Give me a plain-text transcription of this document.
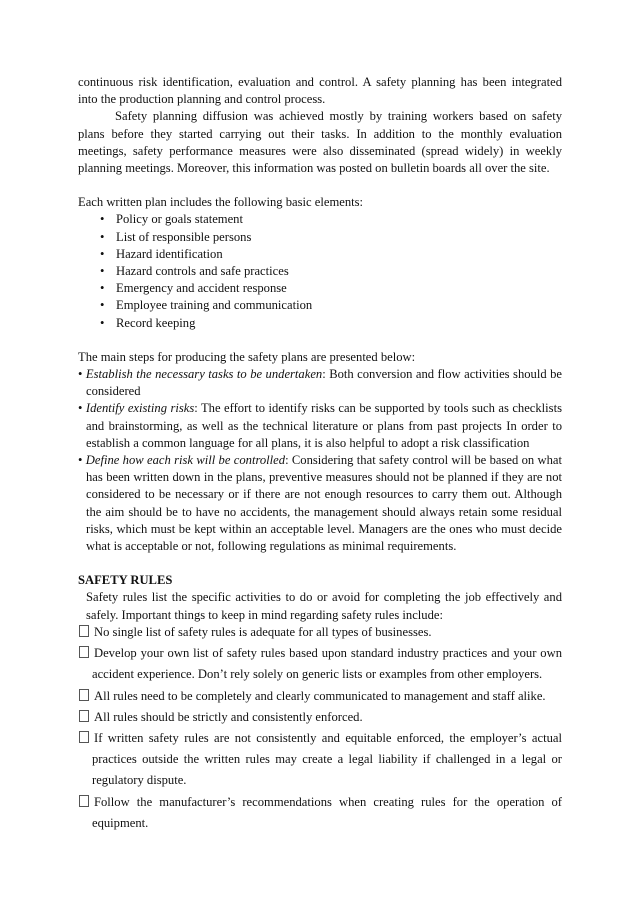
continuous risk identification, evaluation and control. A safety planning has been integrated into the production planning and control process.

Safety planning diffusion was achieved mostly by training workers based on safety plans before they started carrying out their tasks. In addition to the monthly evaluation meetings, safety performance measures were also disseminated (spread widely) in weekly planning meetings. Moreover, this information was posted on bulletin boards all over the site.

Each written plan includes the following basic elements:

• Policy or goals statement
• List of responsible persons
• Hazard identification
• Hazard controls and safe practices
• Emergency and accident response
• Employee training and communication
• Record keeping

The main steps for producing the safety plans are presented below:

• Establish the necessary tasks to be undertaken: Both conversion and flow activities should be considered

• Identify existing risks: The effort to identify risks can be supported by tools such as checklists and brainstorming, as well as the technical literature or plans from past projects In order to establish a common language for all plans, it is also helpful to adopt a risk classification

• Define how each risk will be controlled: Considering that safety control will be based on what has been written down in the plans, preventive measures should not be planned if they are not considered to be necessary or if there are not enough resources to carry them out. Although the aim should be to have no accidents, the management should always retain some residual risks, which must be kept within an acceptable level. Managers are the ones who must decide what is acceptable or not, following regulations as minimal requirements.

SAFETY RULES

Safety rules list the specific activities to do or avoid for completing the job effectively and safely. Important things to keep in mind regarding safety rules include:

No single list of safety rules is adequate for all types of businesses.

Develop your own list of safety rules based upon standard industry practices and your own accident experience. Don’t rely solely on generic lists or examples from other employers.

All rules need to be completely and clearly communicated to management and staff alike.

All rules should be strictly and consistently enforced.

If written safety rules are not consistently and equitable enforced, the employer’s actual practices outside the written rules may create a legal liability if challenged in a legal or regulatory dispute.

Follow the manufacturer’s recommendations when creating rules for the operation of equipment.
